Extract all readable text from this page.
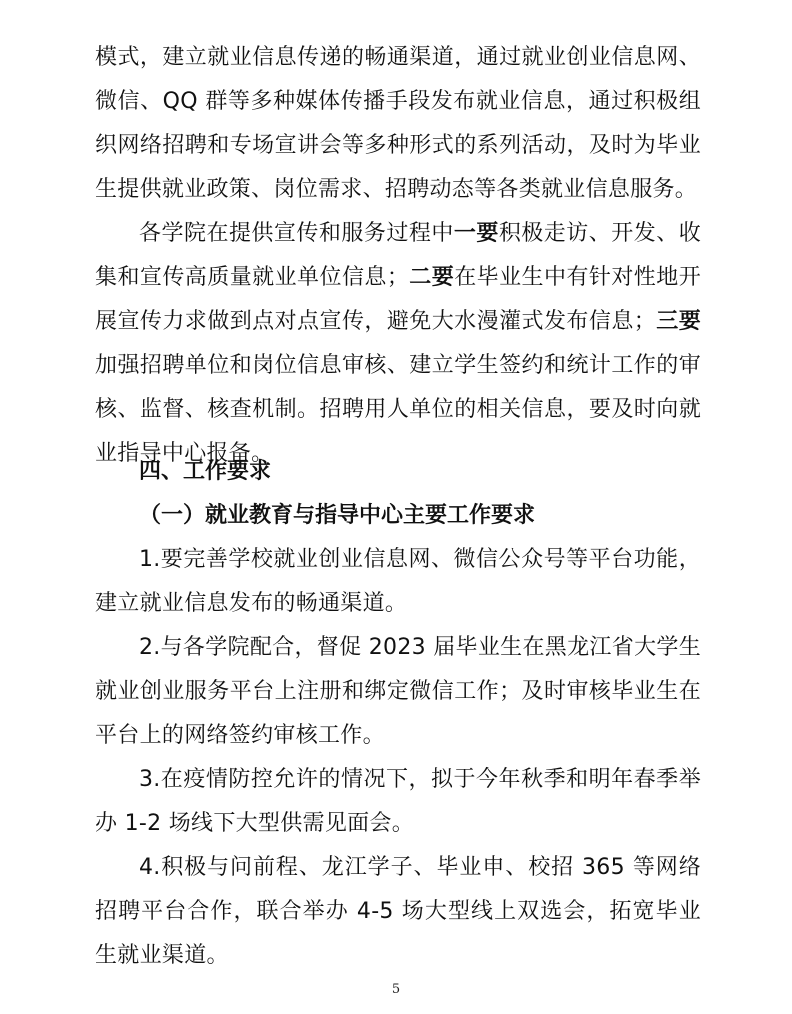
模式，建立就业信息传递的畅通渠道，通过就业创业信息网、微信、QQ 群等多种媒体传播手段发布就业信息，通过积极组织网络招聘和专场宣讲会等多种形式的系列活动，及时为毕业生提供就业政策、岗位需求、招聘动态等各类就业信息服务。

各学院在提供宣传和服务过程中一要积极走访、开发、收集和宣传高质量就业单位信息；二要在毕业生中有针对性地开展宣传力求做到点对点宣传，避免大水漫灌式发布信息；三要加强招聘单位和岗位信息审核、建立学生签约和统计工作的审核、监督、核查机制。招聘用人单位的相关信息，要及时向就业指导中心报备。

四、工作要求
（一）就业教育与指导中心主要工作要求

1.要完善学校就业创业信息网、微信公众号等平台功能，建立就业信息发布的畅通渠道。

2.与各学院配合，督促 2023 届毕业生在黑龙江省大学生就业创业服务平台上注册和绑定微信工作；及时审核毕业生在平台上的网络签约审核工作。

3.在疫情防控允许的情况下，拟于今年秋季和明年春季举办 1-2 场线下大型供需见面会。

4.积极与问前程、龙江学子、毕业申、校招 365 等网络招聘平台合作，联合举办 4-5 场大型线上双选会，拓宽毕业生就业渠道。

5
